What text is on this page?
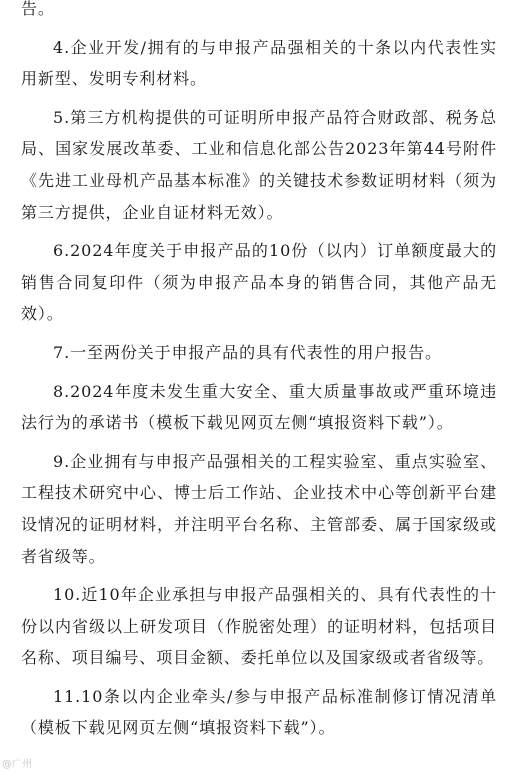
告。

4.企业开发/拥有的与申报产品强相关的十条以内代表性实用新型、发明专利材料。

5.第三方机构提供的可证明所申报产品符合财政部、税务总局、国家发展改革委、工业和信息化部公告2023年第44号附件《先进工业母机产品基本标准》的关键技术参数证明材料（须为第三方提供，企业自证材料无效）。

6.2024年度关于申报产品的10份（以内）订单额度最大的销售合同复印件（须为申报产品本身的销售合同，其他产品无效）。

7.一至两份关于申报产品的具有代表性的用户报告。

8.2024年度未发生重大安全、重大质量事故或严重环境违法行为的承诺书（模板下载见网页左侧“填报资料下载”）。

9.企业拥有与申报产品强相关的工程实验室、重点实验室、工程技术研究中心、博士后工作站、企业技术中心等创新平台建设情况的证明材料，并注明平台名称、主管部委、属于国家级或者省级等。

10.近10年企业承担与申报产品强相关的、具有代表性的十份以内省级以上研发项目（作脱密处理）的证明材料，包括项目名称、项目编号、项目金额、委托单位以及国家级或者省级等。

11.10条以内企业牵头/参与申报产品标准制修订情况清单（模板下载见网页左侧“填报资料下载”）。

@广州
